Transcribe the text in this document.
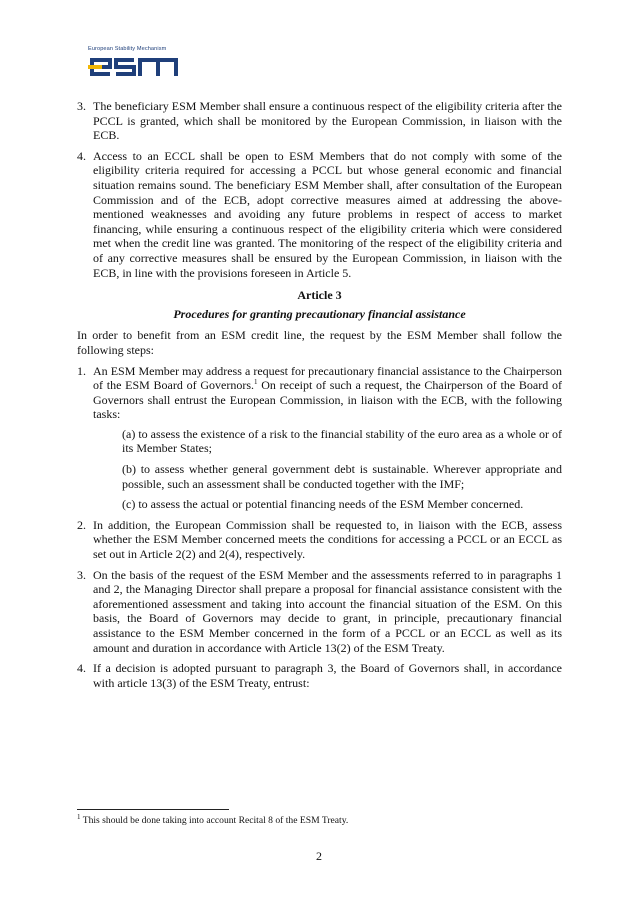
European Stability Mechanism
3. The beneficiary ESM Member shall ensure a continuous respect of the eligibility criteria after the PCCL is granted, which shall be monitored by the European Commission, in liaison with the ECB.

4. Access to an ECCL shall be open to ESM Members that do not comply with some of the eligibility criteria required for accessing a PCCL but whose general economic and financial situation remains sound. The beneficiary ESM Member shall, after consultation of the European Commission and of the ECB, adopt corrective measures aimed at addressing the above-mentioned weaknesses and avoiding any future problems in respect of access to market financing, while ensuring a continuous respect of the eligibility criteria which were considered met when the credit line was granted. The monitoring of the respect of the eligibility criteria and of any corrective measures shall be ensured by the European Commission, in liaison with the ECB, in line with the provisions foreseen in Article 5.

Article 3

Procedures for granting precautionary financial assistance

In order to benefit from an ESM credit line, the request by the ESM Member shall follow the following steps:

1. An ESM Member may address a request for precautionary financial assistance to the Chairperson of the ESM Board of Governors.$^1$ On receipt of such a request, the Chairperson of the Board of Governors shall entrust the European Commission, in liaison with the ECB, with the following tasks:

(a) to assess the existence of a risk to the financial stability of the euro area as a whole or of its Member States;

(b) to assess whether general government debt is sustainable. Wherever appropriate and possible, such an assessment shall be conducted together with the IMF;

(c) to assess the actual or potential financing needs of the ESM Member concerned.

2. In addition, the European Commission shall be requested to, in liaison with the ECB, assess whether the ESM Member concerned meets the conditions for accessing a PCCL or an ECCL as set out in Article 2(2) and 2(4), respectively.

3. On the basis of the request of the ESM Member and the assessments referred to in paragraphs 1 and 2, the Managing Director shall prepare a proposal for financial assistance consistent with the aforementioned assessment and taking into account the financial situation of the ESM. On this basis, the Board of Governors may decide to grant, in principle, precautionary financial assistance to the ESM Member concerned in the form of a PCCL or an ECCL as well as its amount and duration in accordance with Article 13(2) of the ESM Treaty.

4. If a decision is adopted pursuant to paragraph 3, the Board of Governors shall, in accordance with article 13(3) of the ESM Treaty, entrust:

$^1$ This should be done taking into account Recital 8 of the ESM Treaty.
2
